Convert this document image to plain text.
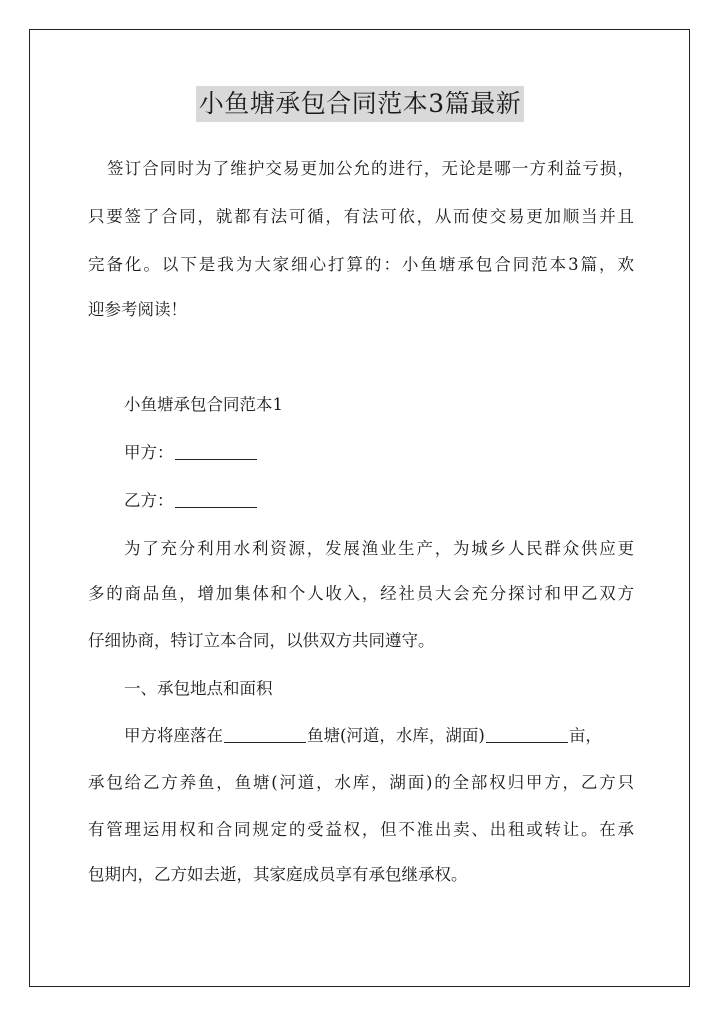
小鱼塘承包合同范本3篇最新

签订合同时为了维护交易更加公允的进行，无论是哪一方利益亏损，

只要签了合同，就都有法可循，有法可依，从而使交易更加顺当并且

完备化。以下是我为大家细心打算的：小鱼塘承包合同范本3篇，欢

迎参考阅读！

小鱼塘承包合同范本1

甲方：

乙方：

为了充分利用水利资源，发展渔业生产，为城乡人民群众供应更

多的商品鱼，增加集体和个人收入，经社员大会充分探讨和甲乙双方

仔细协商，特订立本合同，以供双方共同遵守。

一、承包地点和面积

甲方将座落在	鱼塘(河道，水库，湖面)	亩，

承包给乙方养鱼，鱼塘(河道，水库，湖面)的全部权归甲方，乙方只

有管理运用权和合同规定的受益权，但不准出卖、出租或转让。在承

包期内，乙方如去逝，其家庭成员享有承包继承权。
